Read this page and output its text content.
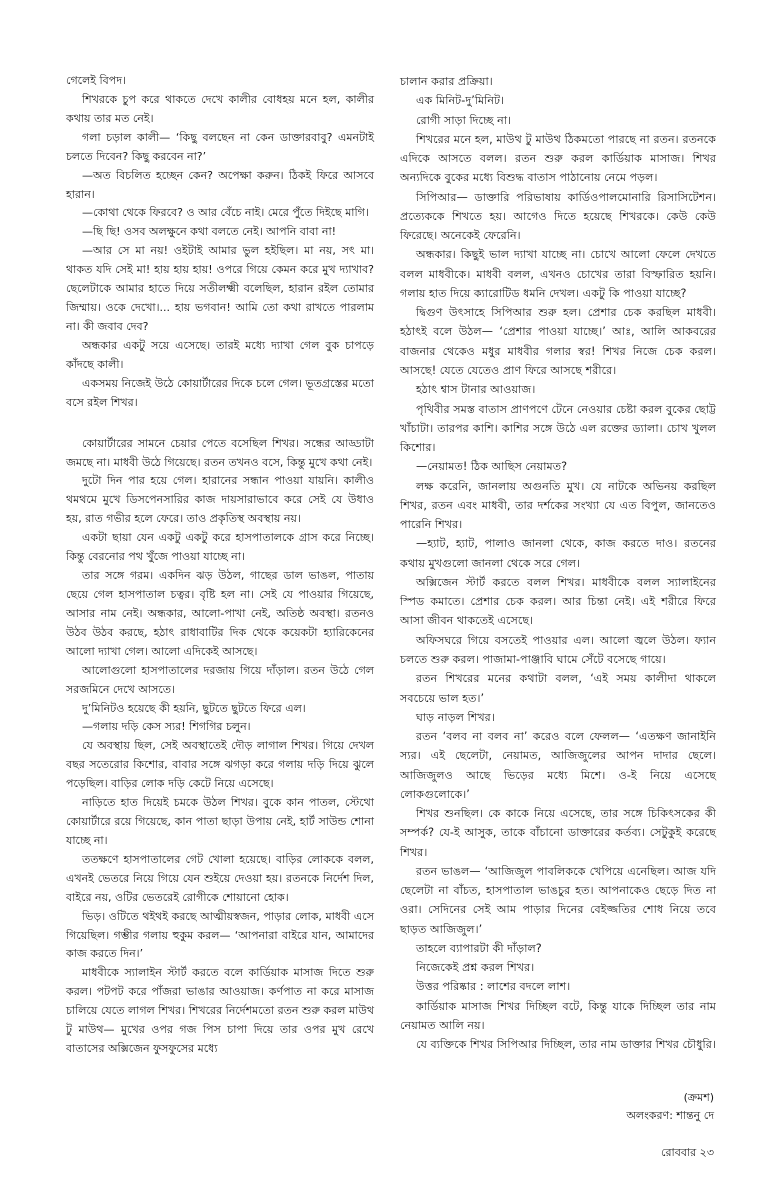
গেলেই বিপদ।

শিখরকে চুপ করে থাকতে দেখে কালীর বোধহয় মনে হল, কালীর কথায় তার মত নেই।

গলা চড়াল কালী— ‘কিছু বলছেন না কেন ডাক্তারবাবু? এমনটাই চলতে দিবেন? কিছু করবেন না?’

—অত বিচলিত হচ্ছেন কেন? অপেক্ষা করুন। ঠিকই ফিরে আসবে হারান।

—কোথা থেকে ফিরবে? ও আর বেঁচে নাই। মেরে পুঁতে দিইছে মাগি।

—ছি ছি! ওসব অলক্ষুনে কথা বলতে নেই। আপনি বাবা না!

—আর সে মা নয়! ওইটাই আমার ভুল হইছিল। মা নয়, সৎ মা। থাকত যদি সেই মা! হায় হায় হায়! ওপরে গিয়ে কেমন করে মুখ দ্যাখাব? ছেলেটাকে আমার হাতে দিয়ে সতীলক্ষ্মী বলেছিল, হারান রইল তোমার জিম্মায়। ওকে দেখো।... হায় ভগবান! আমি তো কথা রাখতে পারলাম না। কী জবাব দেব?

অন্ধকার একটু সয়ে এসেছে। তারই মধ্যে দ্যাখা গেল বুক চাপড়ে কাঁদছে কালী।

একসময় নিজেই উঠে কোয়ার্টারের দিকে চলে গেল। ভূতগ্রস্তের মতো বসে রইল শিখর।

কোয়ার্টারের সামনে চেয়ার পেতে বসেছিল শিখর। সন্ধের আড্ডাটা জমছে না। মাধবী উঠে গিয়েছে। রতন তখনও বসে, কিন্তু মুখে কথা নেই।

দুটো দিন পার হয়ে গেল। হারানের সন্ধান পাওয়া যায়নি। কালীও থমথমে মুখে ডিসপেনসারির কাজ দায়সারাভাবে করে সেই যে উধাও হয়, রাত গভীর হলে ফেরে। তাও প্রকৃতিস্থ অবস্থায় নয়।

একটা ছায়া যেন একটু একটু করে হাসপাতালকে গ্রাস করে নিচ্ছে। কিন্তু বেরনোর পথ খুঁজে পাওয়া যাচ্ছে না।

তার সঙ্গে গরম। একদিন ঝড় উঠল, গাছের ডাল ভাঙল, পাতায় ছেয়ে গেল হাসপাতাল চত্বর। বৃষ্টি হল না। সেই যে পাওয়ার গিয়েছে, আসার নাম নেই। অন্ধকার, আলো-পাখা নেই, অতিষ্ঠ অবস্থা। রতনও উঠব উঠব করছে, হঠাৎ রাধাবাটির দিক থেকে কয়েকটা হ্যারিকেনের আলো দ্যাখা গেল। আলো এদিকেই আসছে।

আলোগুলো হাসপাতালের দরজায় গিয়ে দাঁড়াল। রতন উঠে গেল সরজমিনে দেখে আসতে।

দু’মিনিটও হয়েছে কী হয়নি, ছুটতে ছুটতে ফিরে এল।

—গলায় দড়ি কেস স্যর! শিগগির চলুন।

যে অবস্থায় ছিল, সেই অবস্থাতেই দৌড় লাগাল শিখর। গিয়ে দেখল বছর সতেরোর কিশোর, বাবার সঙ্গে ঝগড়া করে গলায় দড়ি দিয়ে ঝুলে পড়েছিল। বাড়ির লোক দড়ি কেটে নিয়ে এসেছে।

নাড়িতে হাত দিয়েই চমকে উঠল শিখর। বুকে কান পাতল, স্টেথো কোয়ার্টারে রয়ে গিয়েছে, কান পাতা ছাড়া উপায় নেই, হার্ট সাউন্ড শোনা যাচ্ছে না।

ততক্ষণে হাসপাতালের গেট খোলা হয়েছে। বাড়ির লোককে বলল, এখনই ভেতরে নিয়ে গিয়ে যেন শুইয়ে দেওয়া হয়। রতনকে নির্দেশ দিল, বাইরে নয়, ওটির ভেতরেই রোগীকে শোয়ানো হোক।

ভিড়। ওটিতে থইথই করছে আত্মীয়স্বজন, পাড়ার লোক, মাধবী এসে গিয়েছিল। গম্ভীর গলায় হুকুম করল— ‘আপনারা বাইরে যান, আমাদের কাজ করতে দিন।’

মাধবীকে স্যালাইন স্টার্ট করতে বলে কার্ডিয়াক মাসাজ দিতে শুরু করল। পটপট করে পাঁজরা ভাঙার আওয়াজ। কর্ণপাত না করে মাসাজ চালিয়ে যেতে লাগল শিখর। শিখরের নির্দেশমতো রতন শুরু করল মাউথ টু মাউথ— মুখের ওপর গজ পিস চাপা দিয়ে তার ওপর মুখ রেখে বাতাসের অক্সিজেন ফুসফুসের মধ্যে

চালান করার প্রক্রিয়া।

এক মিনিট-দু’মিনিট।

রোগী সাড়া দিচ্ছে না।

শিখরের মনে হল, মাউথ টু মাউথ ঠিকমতো পারছে না রতন। রতনকে এদিকে আসতে বলল। রতন শুরু করল কার্ডিয়াক মাসাজ। শিখর অন্যদিকে বুকের মধ্যে বিশুদ্ধ বাতাস পাঠানোয় নেমে পড়ল।

সিপিআর— ডাক্তারি পরিভাষায় কার্ডিওপালমোনারি রিসাসিটেশন। প্রত্যেককে শিখতে হয়। আগেও দিতে হয়েছে শিখরকে। কেউ কেউ ফিরেছে। অনেকেই ফেরেনি।

অন্ধকার। কিছুই ভাল দ্যাখা যাচ্ছে না। চোখে আলো ফেলে দেখতে বলল মাধবীকে। মাধবী বলল, এখনও চোখের তারা বিস্ফারিত হয়নি। গলায় হাত দিয়ে ক্যারোটিড ধমনি দেখল। একটু কি পাওয়া যাচ্ছে?

দ্বিগুণ উৎসাহে সিপিআর শুরু হল। প্রেশার চেক করছিল মাধবী। হঠাৎই বলে উঠল— ‘প্রেশার পাওয়া যাচ্ছে।’ আঃ, আলি আকবরের বাজনার থেকেও মধুর মাধবীর গলার স্বর! শিখর নিজে চেক করল। আসছে! যেতে যেতেও প্রাণ ফিরে আসছে শরীরে।

হঠাৎ শ্বাস টানার আওয়াজ।

পৃথিবীর সমস্ত বাতাস প্রাণপণে টেনে নেওয়ার চেষ্টা করল বুকের ছোট্ট খাঁচাটা। তারপর কাশি। কাশির সঙ্গে উঠে এল রক্তের ড্যালা। চোখ খুলল কিশোর।

—নেয়ামত! ঠিক আছিস নেয়ামত?

লক্ষ করেনি, জানলায় অগুনতি মুখ। যে নাটকে অভিনয় করছিল শিখর, রতন এবং মাধবী, তার দর্শকের সংখ্যা যে এত বিপুল, জানতেও পারেনি শিখর।

—হ্যাট, হ্যাট, পালাও জানলা থেকে, কাজ করতে দাও। রতনের কথায় মুখগুলো জানলা থেকে সরে গেল।

অক্সিজেন স্টার্ট করতে বলল শিখর। মাধবীকে বলল স্যালাইনের স্পিড কমাতে। প্রেশার চেক করল। আর চিন্তা নেই। এই শরীরে ফিরে আসা জীবন থাকতেই এসেছে।

অফিসঘরে গিয়ে বসতেই পাওয়ার এল। আলো জ্বলে উঠল। ফ্যান চলতে শুরু করল। পাজামা-পাঞ্জাবি ঘামে সেঁটে বসেছে গায়ে।

রতন শিখরের মনের কথাটা বলল, ‘এই সময় কালীদা থাকলে সবচেয়ে ভাল হত।’

ঘাড় নাড়ল শিখর।

রতন ‘বলব না বলব না’ করেও বলে ফেলল— ‘এতক্ষণ জানাইনি স্যর। এই ছেলেটা, নেয়ামত, আজিজুলের আপন দাদার ছেলে। আজিজুলও আছে ভিড়ের মধ্যে মিশে। ও-ই নিয়ে এসেছে লোকগুলোকে।’

শিখর শুনছিল। কে কাকে নিয়ে এসেছে, তার সঙ্গে চিকিৎসকের কী সম্পর্ক? যে-ই আসুক, তাকে বাঁচানো ডাক্তারের কর্তব্য। সেটুকুই করেছে শিখর।

রতন ভাঙল— ‘আজিজুল পাবলিককে খেপিয়ে এনেছিল। আজ যদি ছেলেটা না বাঁচত, হাসপাতাল ভাঙচুর হত। আপনাকেও ছেড়ে দিত না ওরা। সেদিনের সেই আম পাড়ার দিনের বেইজ্জতির শোধ নিয়ে তবে ছাড়ত আজিজুল।’

তাহলে ব্যাপারটা কী দাঁড়াল?

নিজেকেই প্রশ্ন করল শিখর।

উত্তর পরিষ্কার : লাশের বদলে লাশ।

কার্ডিয়াক মাসাজ শিখর দিচ্ছিল বটে, কিন্তু যাকে দিচ্ছিল তার নাম নেয়ামত আলি নয়।

যে ব্যক্তিকে শিখর সিপিআর দিচ্ছিল, তার নাম ডাক্তার শিখর চৌধুরি।

(ক্রমশ)
অলংকরণ: শান্তনু দে
রোববার ২৩
